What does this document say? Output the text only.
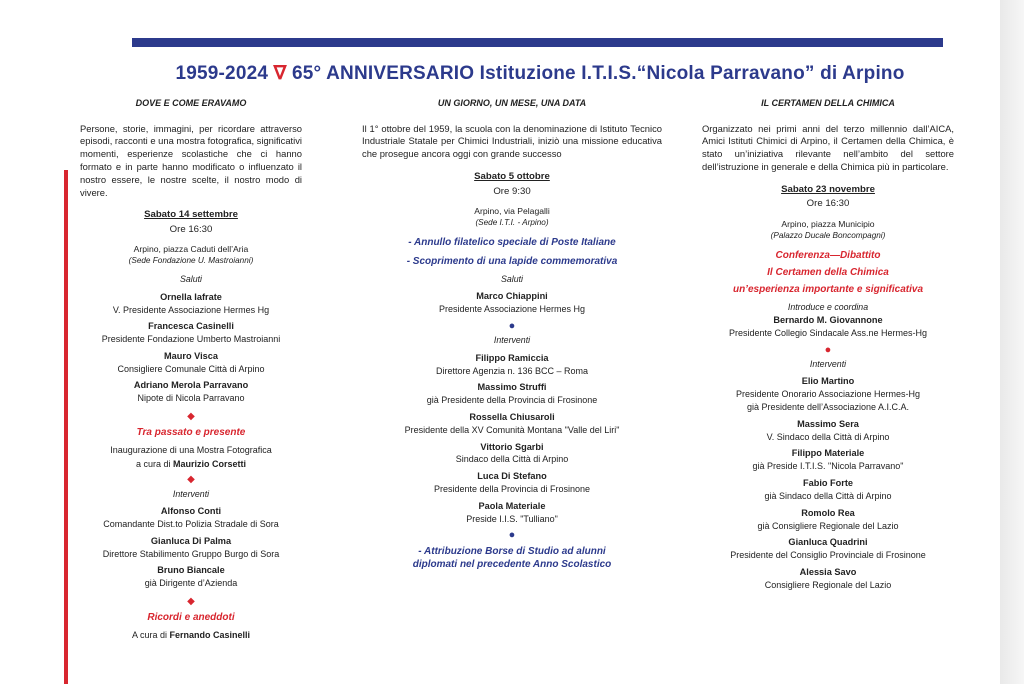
1959-2024 ∇ 65° ANNIVERSARIO Istituzione I.T.I.S.“Nicola Parravano” di Arpino
DOVE E COME ERAVAMO
Persone, storie, immagini, per ricordare attraverso episodi, racconti e una mostra fotografica, significativi momenti, esperienze scolastiche che ci hanno formato e in parte hanno modificato o influenzato il nostro essere, le nostre scelte, il nostro modo di vivere.
Sabato 14 settembre
Ore 16:30
Arpino, piazza Caduti dell’Aria
(Sede Fondazione U. Mastroianni)
Saluti
Ornella Iafrate
V. Presidente Associazione Hermes Hg
Francesca Casinelli
Presidente Fondazione Umberto Mastroianni
Mauro Visca
Consigliere Comunale Città di Arpino
Adriano Merola Parravano
Nipote di Nicola Parravano
◆
Tra passato e presente
Inaugurazione di una Mostra Fotografica
a cura di Maurizio Corsetti
◆
Interventi
Alfonso Conti
Comandante Dist.to Polizia Stradale di Sora
Gianluca Di Palma
Direttore Stabilimento Gruppo Burgo di Sora
Bruno Biancale
già Dirigente d’Azienda
◆
Ricordi e aneddoti
A cura di Fernando Casinelli
UN GIORNO, UN MESE, UNA DATA
Il 1° ottobre del 1959, la scuola con la denominazione di Istituto Tecnico Industriale Statale per Chimici Industriali, iniziò una missione educativa che prosegue ancora oggi con grande successo
Sabato 5 ottobre
Ore 9:30
Arpino, via Pelagalli
(Sede I.T.I. - Arpino)
- Annullo filatelico speciale di Poste Italiane
- Scoprimento di una lapide commemorativa
Saluti
Marco Chiappini
Presidente Associazione Hermes Hg
●
Interventi
Filippo Ramiccia
Direttore Agenzia n. 136 BCC – Roma
Massimo Struffi
già Presidente della Provincia di Frosinone
Rossella Chiusaroli
Presidente della XV Comunità Montana "Valle del Liri"
Vittorio Sgarbi
Sindaco della Città di Arpino
Luca Di Stefano
Presidente della Provincia di Frosinone
Paola Materiale
Preside I.I.S. "Tulliano"
●
- Attribuzione Borse di Studio ad alunni
diplomati nel precedente Anno Scolastico
IL CERTAMEN DELLA CHIMICA
Organizzato nei primi anni del terzo millennio dall’AICA, Amici Istituti Chimici di Arpino, il Certamen della Chimica, è stato un’iniziativa rilevante nell’ambito del settore dell’istruzione in generale e della Chimica più in particolare.
Sabato 23 novembre
Ore 16:30
Arpino, piazza Municipio
(Palazzo Ducale Boncompagni)
Conferenza—Dibattito
Il Certamen della Chimica
un’esperienza importante e significativa
Introduce e coordina
Bernardo M. Giovannone
Presidente Collegio Sindacale Ass.ne Hermes-Hg
●
Interventi
Elio Martino
Presidente Onorario Associazione Hermes-Hg
già Presidente dell’Associazione A.I.C.A.
Massimo Sera
V. Sindaco della Città di Arpino
Filippo Materiale
già Preside I.T.I.S. "Nicola Parravano"
Fabio Forte
già Sindaco della Città di Arpino
Romolo Rea
già Consigliere Regionale del Lazio
Gianluca Quadrini
Presidente del Consiglio Provinciale di Frosinone
Alessia Savo
Consigliere Regionale del Lazio
